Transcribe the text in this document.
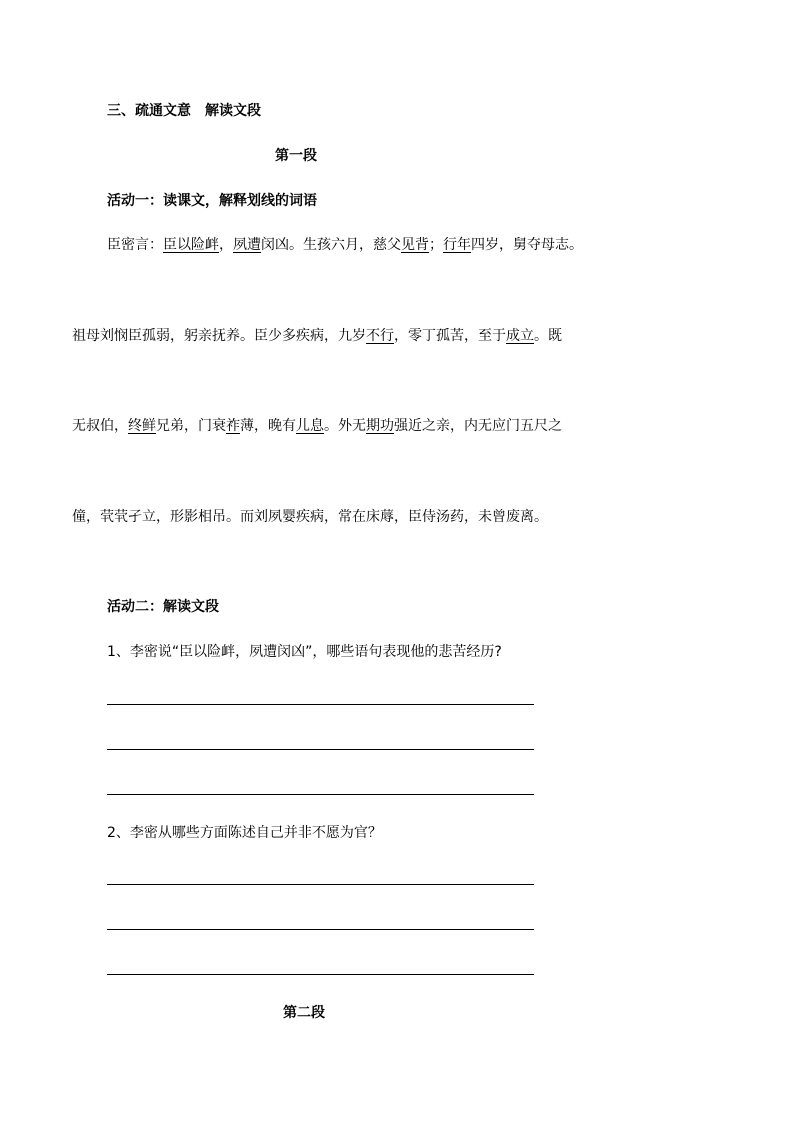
三、疏通文意　解读文段
第一段
活动一：读课文，解释划线的词语
臣密言：臣以险衅，夙遭闵凶。生孩六月，慈父见背；行年四岁，舅夺母志。
祖母刘悯臣孤弱，躬亲抚养。臣少多疾病，九岁不行，零丁孤苦，至于成立。既
无叔伯，终鲜兄弟，门衰祚薄，晚有儿息。外无期功强近之亲，内无应门五尺之
僮，茕茕孑立，形影相吊。而刘夙婴疾病，常在床蓐，臣侍汤药，未曾废离。
活动二：解读文段
1、李密说“臣以险衅，夙遭闵凶”，哪些语句表现他的悲苦经历?
2、李密从哪些方面陈述自己并非不愿为官？
第二段
